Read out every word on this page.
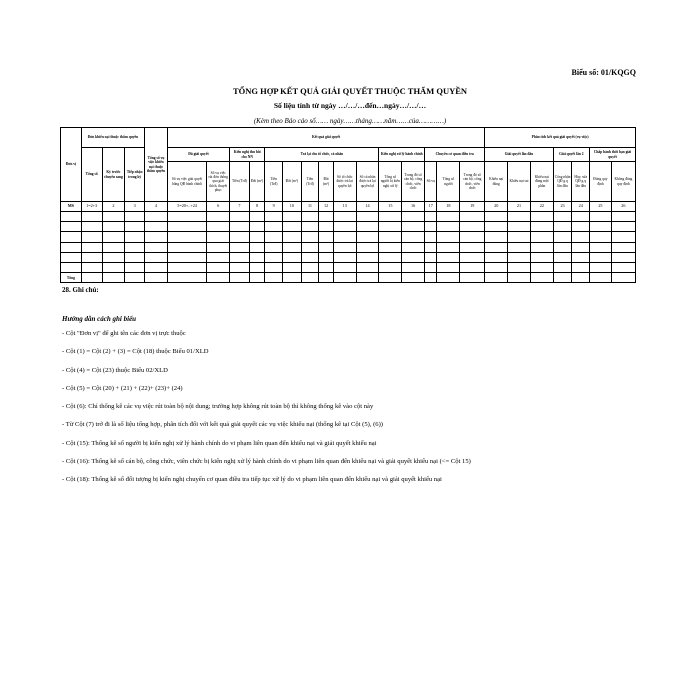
Biểu số: 01/KQGQ
TỔNG HỢP KẾT QUẢ GIẢI QUYẾT THUỘC THẨM QUYỀN
Số liệu tính từ ngày …/…/…đến…ngày…/…/…
(Kèm theo Báo cáo số…… ngày……tháng……năm……của…………)
Đơn vị	Đơn khiếu nại thuộc thẩm quyền			Tổng số vụ việc khiếu nại thuộc thẩm quyền	Kết quả giải quyết															Phân tích kết quả giải quyết (vụ việc)						
	Tổng số	Kỳ trước chuyển sang	Tiếp nhận trong kỳ		Đã giải quyết		Kiến nghị thu hồi cho NN		Trả lại cho tổ chức, cá nhân						Kiến nghị xử lý hành chính		Chuyển cơ quan điều tra			Giải quyết lần đầu			Giải quyết lần 2		Chấp hành thời hạn giải quyết	

					Số vụ việc giải quyết bằng QĐ hành chính	Số vụ việc rút đơn thông qua giải thích, thuyết phục	Tiền (Trđ)	Đất (m²)	Tiền (Trđ)	Đất (m²)	Tiền (Trđ)	Đất (m²)	Số tổ chức được trả lại quyền lợi	Số cá nhân được trả lại quyền lợi	Tổng số người bị kiến nghị xử lý	Trong đó số cán bộ, công chức, viên chức	Số vụ	Tổng số người	Trong đó số cán bộ, công chức, viên chức	Khiếu nại đúng	Khiếu nại sai	Khiếu nại đúng một phần	Công nhận QĐ g.q lần đầu	Hủy, sửa QĐ g.q lần đầu	Đúng quy định	Không đúng quy định
MS	1=2+3	2	3	4	5=20+..+24	6	7	8	9	10	11	12	13	14	15	16	17	18	19	20	21	22	23	24	25	26

Tổng																										
28. Ghi chú:
Hướng dẫn cách ghi biểu
- Cột "Đơn vị" để ghi tên các đơn vị trực thuộc
- Cột (1) = Cột (2) + (3) = Cột (18) thuộc Biểu 01/XLD
- Cột (4) = Cột (23) thuộc Biểu 02/XLD
- Cột (5) = Cột (20) + (21) + (22)+ (23)+ (24)
- Cột (6): Chỉ thống kê các vụ việc rút toàn bộ nội dung; trường hợp không rút toàn bộ thì không thống kê vào cột này
- Từ Cột (7) trở đi là số liệu tổng hợp, phân tích đối với kết quả giải quyết các vụ việc khiếu nại (thống kê tại Cột (5), (6))
- Cột (15): Thống kê số người bị kiến nghị xử lý hành chính do vi phạm liên quan đến khiếu nại và giải quyết khiếu nại
- Cột (16): Thống kê số cán bộ, công chức, viên chức bị kiến nghị xử lý hành chính do vi phạm liên quan đến khiếu nại và giải quyết khiếu nại (<= Cột 15)
- Cột (18): Thống kê số đối tượng bị kiến nghị chuyển cơ quan điều tra tiếp tục xử lý do vi phạm liên quan đến khiếu nại và giải quyết khiếu nại
